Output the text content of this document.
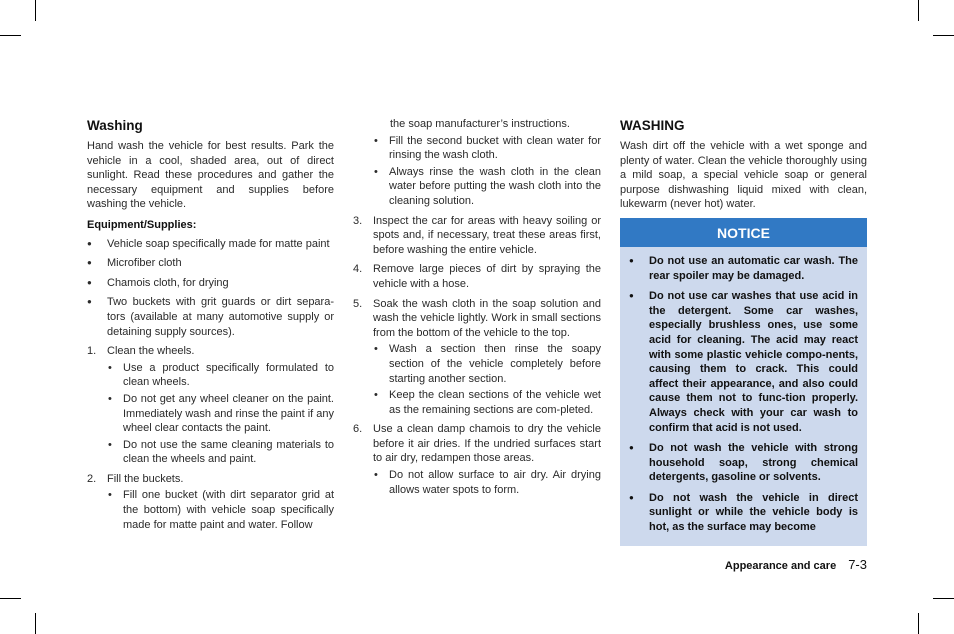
Washing
Hand wash the vehicle for best results. Park the vehicle in a cool, shaded area, out of direct sunlight. Read these procedures and gather the necessary equipment and supplies before washing the vehicle.
Equipment/Supplies:
● Vehicle soap specifically made for matte paint
● Microfiber cloth
● Chamois cloth, for drying
● Two buckets with grit guards or dirt separa-tors (available at many automotive supply or detaining supply sources).
1. Clean the wheels.
• Use a product specifically formulated to clean wheels.
• Do not get any wheel cleaner on the paint. Immediately wash and rinse the paint if any wheel clear contacts the paint.
• Do not use the same cleaning materials to clean the wheels and paint.
2. Fill the buckets.
• Fill one bucket (with dirt separator grid at the bottom) with vehicle soap specifically made for matte paint and water. Follow
the soap manufacturer’s instructions.
• Fill the second bucket with clean water for rinsing the wash cloth.
• Always rinse the wash cloth in the clean water before putting the wash cloth into the cleaning solution.
3. Inspect the car for areas with heavy soiling or spots and, if necessary, treat these areas first, before washing the entire vehicle.
4. Remove large pieces of dirt by spraying the vehicle with a hose.
5. Soak the wash cloth in the soap solution and wash the vehicle lightly. Work in small sections from the bottom of the vehicle to the top.
• Wash a section then rinse the soapy section of the vehicle completely before starting another section.
• Keep the clean sections of the vehicle wet as the remaining sections are com-pleted.
6. Use a clean damp chamois to dry the vehicle before it air dries. If the undried surfaces start to air dry, redampen those areas.
• Do not allow surface to air dry. Air drying allows water spots to form.
WASHING
Wash dirt off the vehicle with a wet sponge and plenty of water. Clean the vehicle thoroughly using a mild soap, a special vehicle soap or general purpose dishwashing liquid mixed with clean, lukewarm (never hot) water.
NOTICE
● Do not use an automatic car wash. The rear spoiler may be damaged.
● Do not use car washes that use acid in the detergent. Some car washes, especially brushless ones, use some acid for cleaning. The acid may react with some plastic vehicle compo-nents, causing them to crack. This could affect their appearance, and also could cause them not to func-tion properly. Always check with your car wash to confirm that acid is not used.
● Do not wash the vehicle with strong household soap, strong chemical detergents, gasoline or solvents.
● Do not wash the vehicle in direct sunlight or while the vehicle body is hot, as the surface may become
Appearance and care 7-3
